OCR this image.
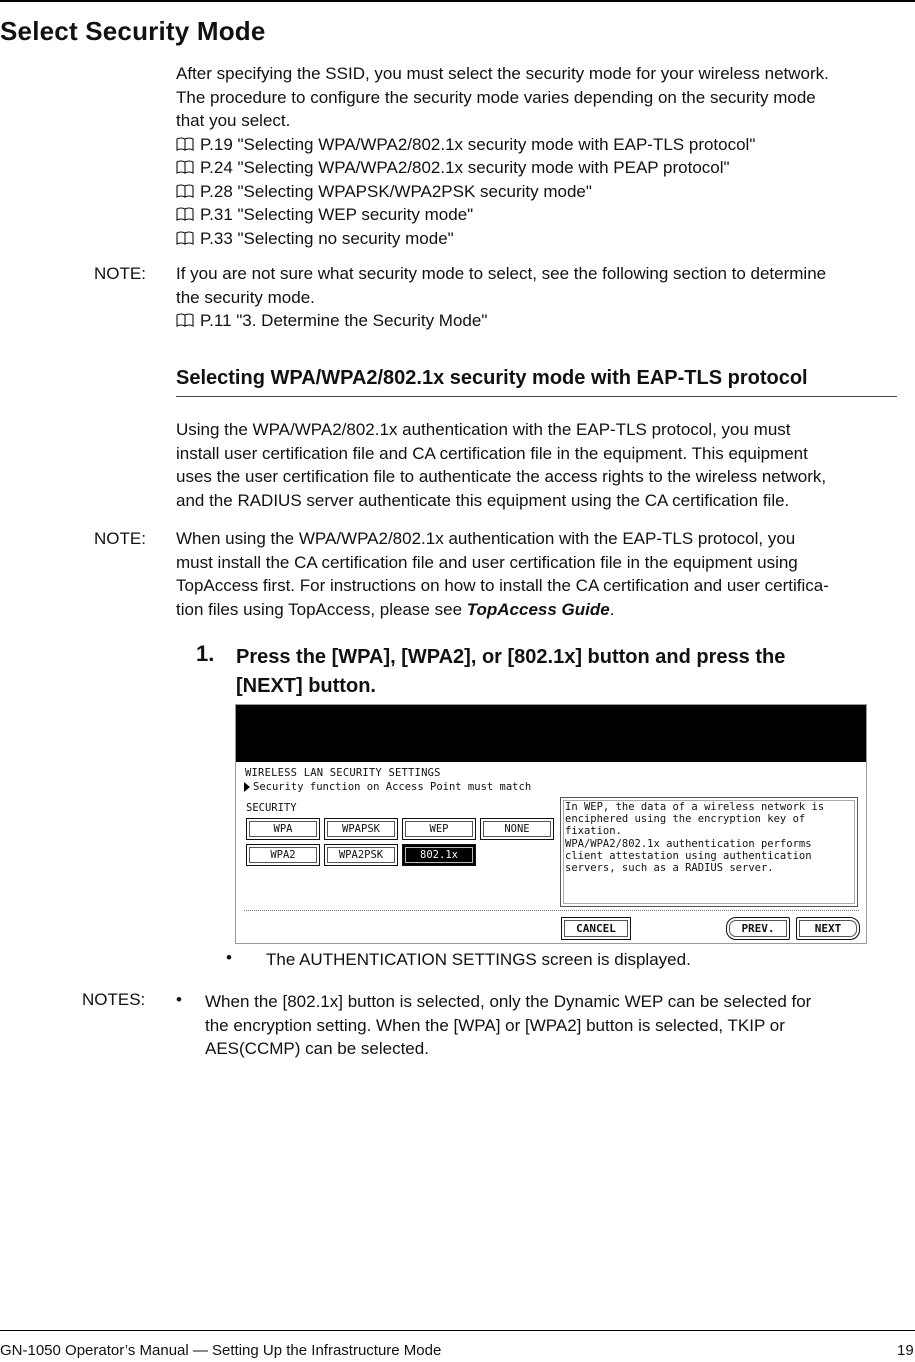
Select Security Mode

After specifying the SSID, you must select the security mode for your wireless network.

The procedure to configure the security mode varies depending on the security mode

that you select.

P.19 "Selecting WPA/WPA2/802.1x security mode with EAP-TLS protocol"
P.24 "Selecting WPA/WPA2/802.1x security mode with PEAP protocol"
P.28 "Selecting WPAPSK/WPA2PSK security mode"
P.31 "Selecting WEP security mode"
P.33 "Selecting no security mode"
NOTE: If you are not sure what security mode to select, see the following section to determine

the security mode.

P.11 "3. Determine the Security Mode"
Selecting WPA/WPA2/802.1x security mode with EAP-TLS protocol

Using the WPA/WPA2/802.1x authentication with the EAP-TLS protocol, you must

install user certification file and CA certification file in the equipment. This equipment

uses the user certification file to authenticate the access rights to the wireless network,

and the RADIUS server authenticate this equipment using the CA certification file.

NOTE: When using the WPA/WPA2/802.1x authentication with the EAP-TLS protocol, you

must install the CA certification file and user certification file in the equipment using

TopAccess first. For instructions on how to install the CA certification and user certifica-

tion files using TopAccess, please see TopAccess Guide.

1. Press the [WPA], [WPA2], or [802.1x] button and press the
[NEXT] button.
WIRELESS LAN SECURITY SETTINGS
Security function on Access Point must match
SECURITY
WPA	WPAPSK	WEP	NONE
WPA2	WPA2PSK	802.1x
In WEP, the data of a wireless network is
enciphered using the encryption key of
fixation.
WPA/WPA2/802.1x authentication performs
client attestation using authentication
servers, such as a RADIUS server.
CANCEL	PREV.	NEXT
• The AUTHENTICATION SETTINGS screen is displayed.
NOTES: • When the [802.1x] button is selected, only the Dynamic WEP can be selected for

the encryption setting. When the [WPA] or [WPA2] button is selected, TKIP or

AES(CCMP) can be selected.

GN-1050 Operator’s Manual — Setting Up the Infrastructure Mode	19
